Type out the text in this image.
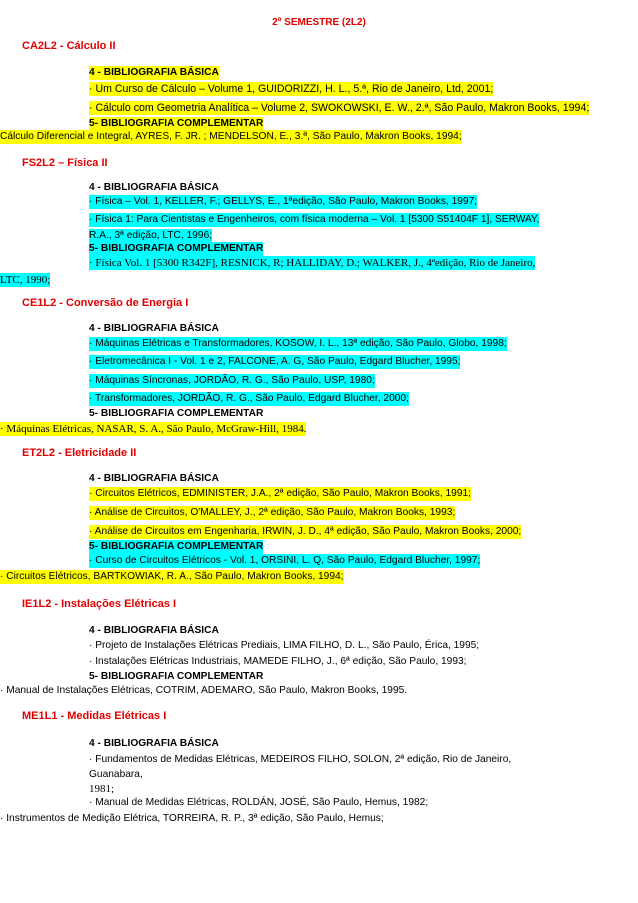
2º SEMESTRE (2L2)
CA2L2 - Cálculo II
4 - BIBLIOGRAFIA BÁSICA
· Um Curso de Cálculo – Volume 1, GUIDORIZZI, H. L., 5.ª, Rio de Janeiro, Ltd, 2001;
· Cálculo com Geometria Analítica – Volume 2, SWOKOWSKI, E. W., 2.ª, São Paulo, Makron Books, 1994;
5- BIBLIOGRAFIA COMPLEMENTAR
Cálculo Diferencial e Integral, AYRES, F. JR. ; MENDELSON, E., 3.ª, São Paulo, Makron Books, 1994;
FS2L2 – Física II
4 - BIBLIOGRAFIA BÁSICA
· Física – Vol. 1, KELLER, F.; GELLYS, E., 1ªedição, São Paulo, Makron Books, 1997;
· Física 1: Para Cientistas e Engenheiros, com física moderna – Vol. 1 [5300 S51404F 1], SERWAY,
R.A., 3ª edição, LTC, 1996;
5- BIBLIOGRAFIA COMPLEMENTAR
· Física Vol. 1 [5300 R342F], RESNICK, R; HALLIDAY, D.; WALKER, J., 4ªedição, Rio de Janeiro,
LTC, 1990;
CE1L2 - Conversão de Energia I
4 - BIBLIOGRAFIA BÁSICA
· Máquinas Elétricas e Transformadores, KOSOW, I. L., 13ª edição, São Paulo, Globo, 1998;
· Eletromecânica I - Vol. 1 e 2, FALCONE, A. G, São Paulo, Edgard Blucher, 1995;
· Máquinas Síncronas, JORDÃO, R. G., São Paulo, USP, 1980;
· Transformadores, JORDÃO, R. G., São Paulo, Edgard Blucher, 2000;
5- BIBLIOGRAFIA COMPLEMENTAR
· Máquinas Elétricas, NASAR, S. A., São Paulo, McGraw-Hill, 1984.
ET2L2 - Eletricidade II
4 - BIBLIOGRAFIA BÁSICA
· Circuitos Elétricos, EDMINISTER, J.A., 2ª edição, São Paulo, Makron Books, 1991;
· Análise de Circuitos, O'MALLEY, J., 2ª edição, São Paulo, Makron Books, 1993;
· Análise de Circuitos em Engenharia, IRWIN, J. D., 4ª edição, São Paulo, Makron Books, 2000;
5- BIBLIOGRAFIA COMPLEMENTAR
· Curso de Circuitos Elétricos - Vol. 1, ORSINI, L. Q, São Paulo, Edgard Blucher, 1997;
· Circuitos Elétricos, BARTKOWIAK, R. A., São Paulo, Makron Books, 1994;
IE1L2 - Instalações Elétricas I
4 - BIBLIOGRAFIA BÁSICA
· Projeto de Instalações Elétricas Prediais, LIMA FILHO, D. L., São Paulo, Érica, 1995;
· Instalações Elétricas Industriais, MAMEDE FILHO, J., 6ª edição, São Paulo, 1993;
5- BIBLIOGRAFIA COMPLEMENTAR
· Manual de Instalações Elétricas, COTRIM, ADEMARO, São Paulo, Makron Books, 1995.
ME1L1 - Medidas Elétricas I
4 - BIBLIOGRAFIA BÁSICA
· Fundamentos de Medidas Elétricas, MEDEIROS FILHO, SOLON, 2ª edição, Rio de Janeiro,
Guanabara,
1981;
· Manual de Medidas Elétricas, ROLDÁN, JOSÉ, São Paulo, Hemus, 1982;
· Instrumentos de Medição Elétrica, TORREIRA, R. P., 3ª edição, São Paulo, Hemus;
